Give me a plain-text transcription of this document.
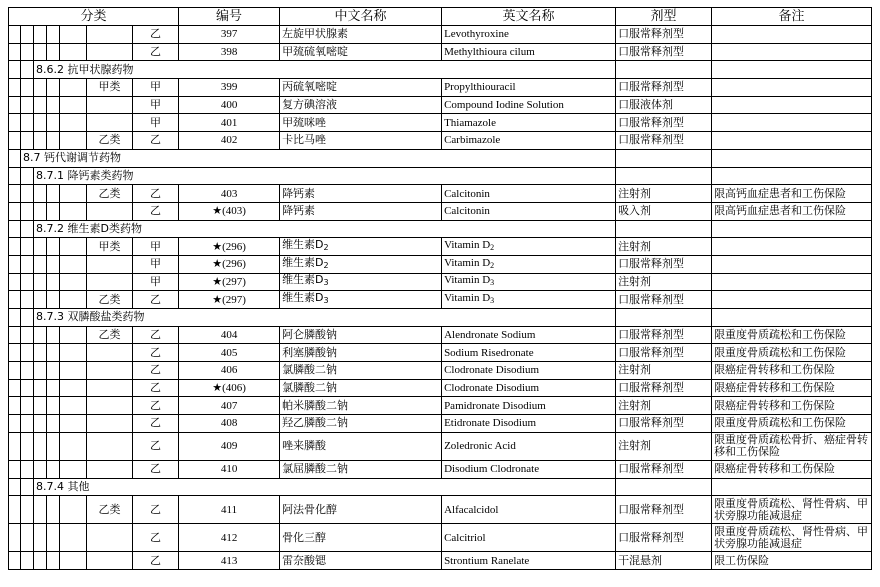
分类							编号	中文名称	英文名称	剂型	备注	
						乙	397	左旋甲状腺素	Levothyroxine	口服常释剂型		
						乙	398	甲巯硫氧嘧啶	Methylthioura cilum	口服常释剂型		
		8.6.2 抗甲状腺药物										
					甲类	甲	399	丙硫氧嘧啶	Propylthiouracil	口服常释剂型		
						甲	400	复方碘溶液	Compound Iodine Solution	口服液体剂		
						甲	401	甲巯咪唑	Thiamazole	口服常释剂型		
					乙类	乙	402	卡比马唑	Carbimazole	口服常释剂型		
	8.7 钙代谢调节药物											
		8.7.1 降钙素类药物										
					乙类	乙	403	降钙素	Calcitonin	注射剂	限高钙血症患者和工伤保险	
						乙	★(403)	降钙素	Calcitonin	吸入剂	限高钙血症患者和工伤保险	
		8.7.2 维生素D类药物										
					甲类	甲	★(296)	维生素$D_2$	Vitamin $D_2$	注射剂		
						甲	★(296)	维生素$D_2$	Vitamin $D_2$	口服常释剂型		
						甲	★(297)	维生素$D_3$	Vitamin $D_3$	注射剂		
					乙类	乙	★(297)	维生素$D_3$	Vitamin $D_3$	口服常释剂型		
		8.7.3 双膦酸盐类药物										
					乙类	乙	404	阿仑膦酸钠	Alendronate Sodium	口服常释剂型	限重度骨质疏松和工伤保险	
						乙	405	利塞膦酸钠	Sodium Risedronate	口服常释剂型	限重度骨质疏松和工伤保险	
						乙	406	氯膦酸二钠	Clodronate Disodium	注射剂	限癌症骨转移和工伤保险	
						乙	★(406)	氯膦酸二钠	Clodronate Disodium	口服常释剂型	限癌症骨转移和工伤保险	
						乙	407	帕米膦酸二钠	Pamidronate Disodium	注射剂	限癌症骨转移和工伤保险	
						乙	408	羟乙膦酸二钠	Etidronate Disodium	口服常释剂型	限重度骨质疏松和工伤保险	
						乙	409	唑来膦酸	Zoledronic Acid	注射剂	限重度骨质疏松骨折、癌症骨转移和工伤保险	
						乙	410	氯屈膦酸二钠	Disodium Clodronate	口服常释剂型	限癌症骨转移和工伤保险	
		8.7.4 其他										
					乙类	乙	411	阿法骨化醇	Alfacalcidol	口服常释剂型	限重度骨质疏松、肾性骨病、甲状旁腺功能减退症	
						乙	412	骨化三醇	Calcitriol	口服常释剂型	限重度骨质疏松、肾性骨病、甲状旁腺功能减退症	
						乙	413	雷奈酸锶	Strontium Ranelate	干混悬剂	限工伤保险	
